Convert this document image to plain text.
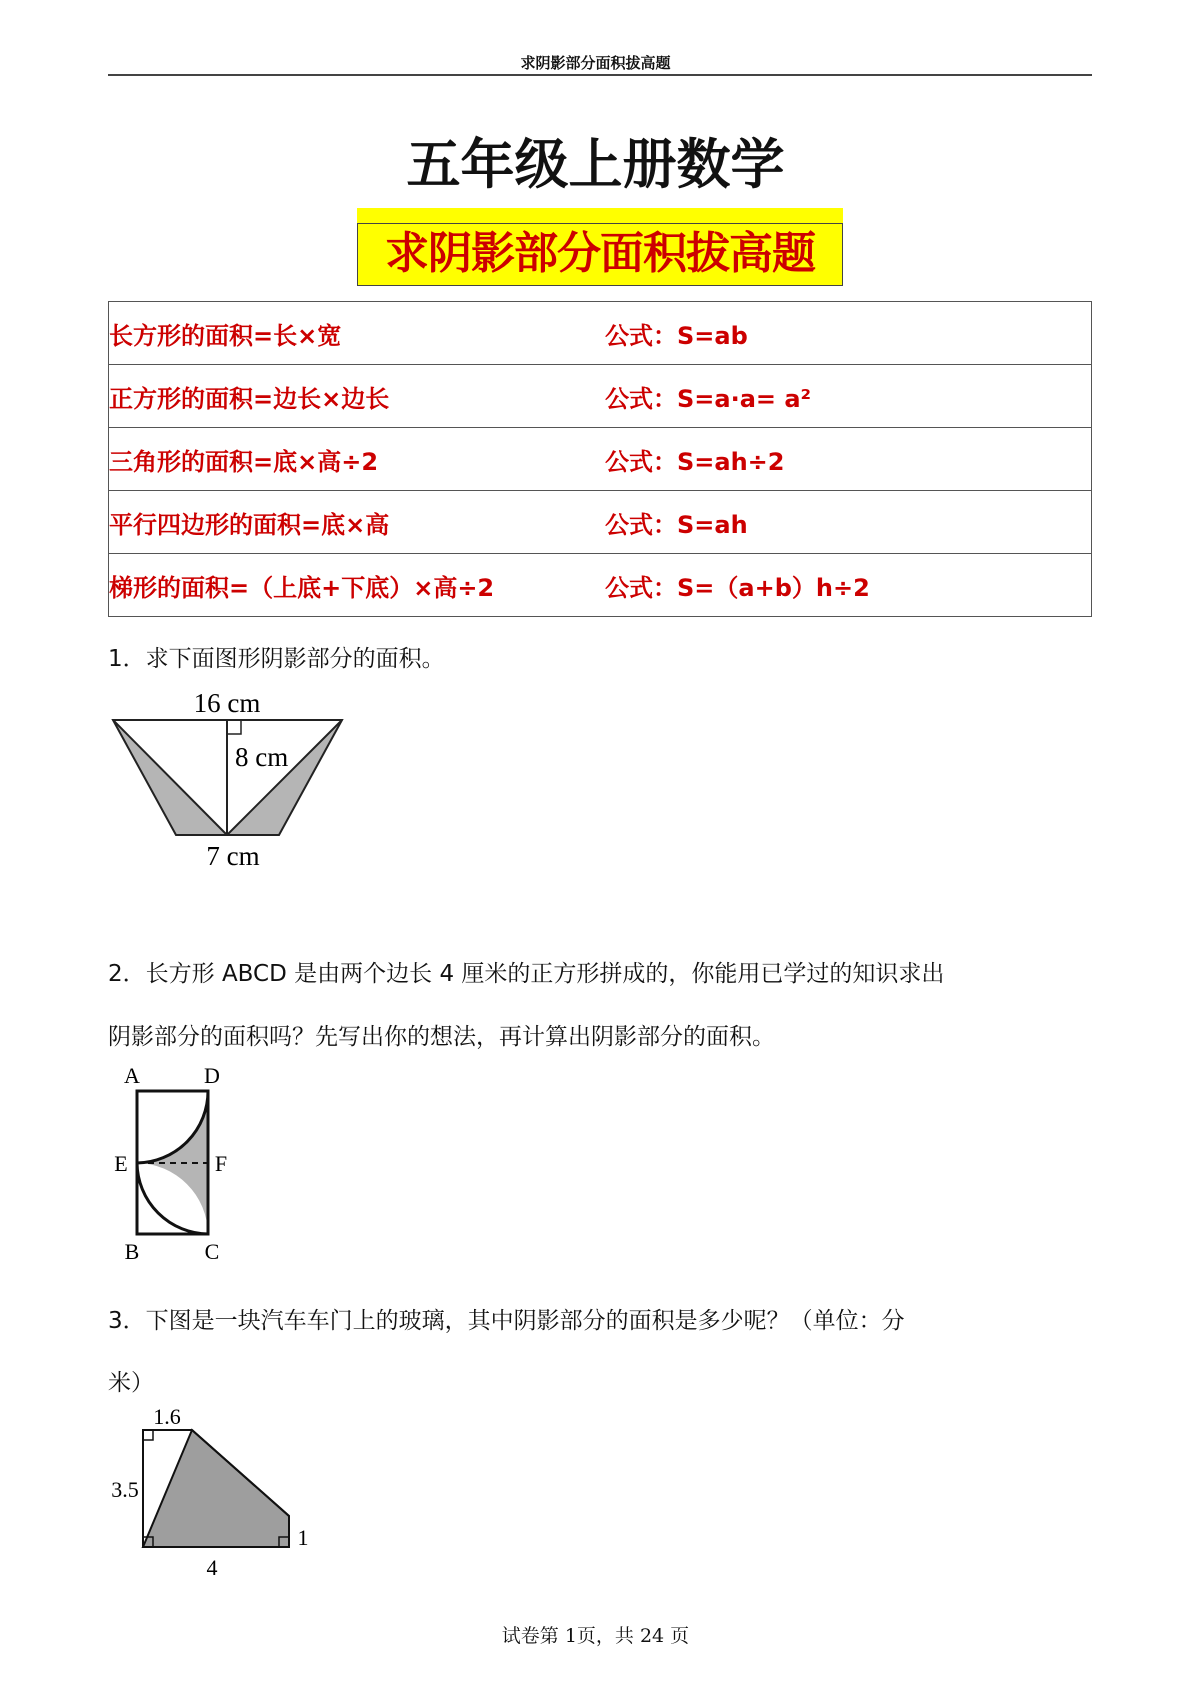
求阴影部分面积拔高题
五年级上册数学
求阴影部分面积拔高题
长方形的面积=长×宽	公式：S=ab
正方形的面积=边长×边长	公式：S=a·a= a²
三角形的面积=底×高÷2	公式：S=ah÷2
平行四边形的面积=底×高	公式：S=ah
梯形的面积=（上底+下底）×高÷2	公式：S=（a+b）h÷2
1．求下面图形阴影部分的面积。
16 cm
8 cm
7 cm
A	D
E	F
B	C
1.6
3.5
1
4
2．长方形 ABCD 是由两个边长 4 厘米的正方形拼成的，你能用已学过的知识求出
阴影部分的面积吗？先写出你的想法，再计算出阴影部分的面积。
3．下图是一块汽车车门上的玻璃，其中阴影部分的面积是多少呢？（单位：分
米）
试卷第 1页，共 24 页
